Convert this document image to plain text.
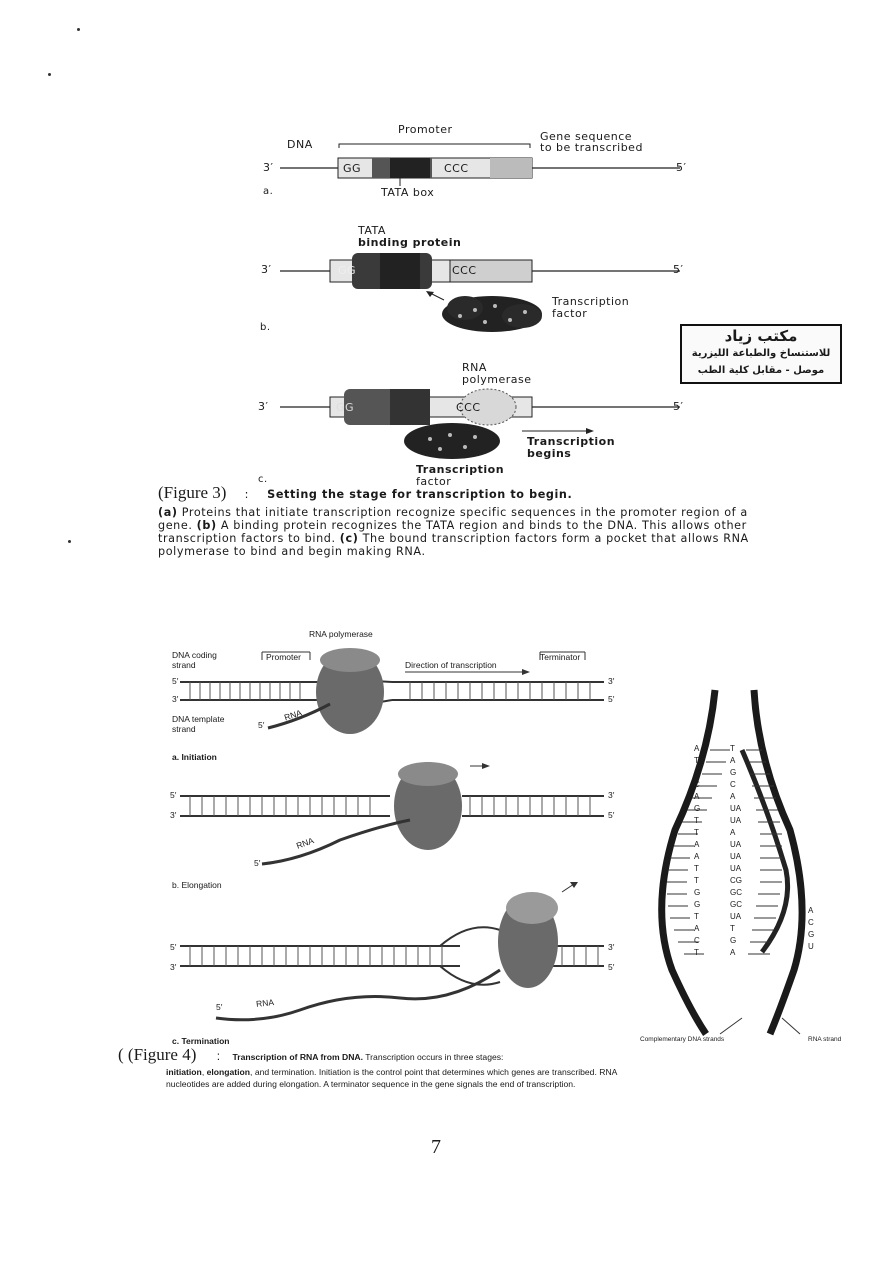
Promoter
DNA
Gene sequence
to be transcribed
3′	5′
GG	CCC
TATA box
a.
TATA
binding protein
3′	5′
GG	CCC
Transcription
factor
b.
RNA
polymerase
3′	5′
GG	CCC
Transcription
begins
Transcription
factor
c.
مكتب زياد
للاستنساخ والطباعة الليزرية
موصل - مقابل كلية الطب
(Figure 3) : Setting the stage for transcription to begin.
(a) Proteins that initiate transcription recognize specific sequences in the promoter region of a gene. (b) A binding protein recognizes the TATA region and binds to the DNA. This allows other transcription factors to bind. (c) The bound transcription factors form a pocket that allows RNA polymerase to bind and begin making RNA.
RNA polymerase
DNA coding
strand
Promoter
Direction of transcription
Terminator
5′
3′
3′
5′
DNA template
strand	5′
RNA
a. Initiation
5′
3′
3′
5′
RNA
5′
b. Elongation
5′
3′
3′
5′
5′	RNA
c. Termination
A
T
C
C
A
G
T
T
A
A
T
T
G
G
T
A
C
T
T
A
G
C
A
UA
UA
A
UA
UA
UA
CG
GC
GC
UA
T
G
A
A
C
G
U
Complementary DNA strands	RNA strand
( (Figure 4) : Transcription of RNA from DNA. Transcription occurs in three stages:
initiation, elongation, and termination. Initiation is the control point that determines which genes are transcribed. RNA nucleotides are added during elongation. A terminator sequence in the gene signals the end of transcription.
7
